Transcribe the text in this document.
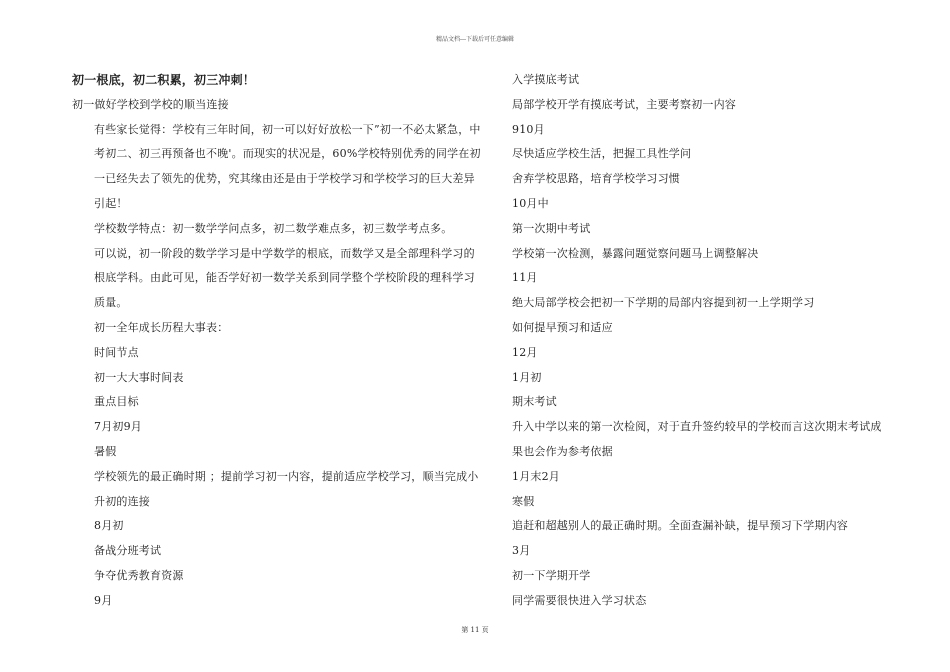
精品文档---下载后可任意编辑
初一根底，初二积累，初三冲刺！

初一做好学校到学校的顺当连接

有些家长觉得：学校有三年时间，初一可以好好放松一下”初一不必太紧急，中考初二、初三再预备也不晚'。而现实的状况是，60%学校特别优秀的同学在初一已经失去了领先的优势，究其缘由还是由于学校学习和学校学习的巨大差异引起！

学校数学特点：初一数学学问点多，初二数学难点多，初三数学考点多。

可以说，初一阶段的数学学习是中学数学的根底，而数学又是全部理科学习的根底学科。由此可见，能否学好初一数学关系到同学整个学校阶段的理科学习质量。

初一全年成长历程大事表：

时间节点

初一大大事时间表

重点目标

7月初9月

暑假

学校领先的最正确时期 ；提前学习初一内容，提前适应学校学习，顺当完成小升初的连接

8月初

备战分班考试

争夺优秀教育资源

9月

入学摸底考试

局部学校开学有摸底考试，主要考察初一内容

910月

尽快适应学校生活，把握工具性学问

舍弃学校思路，培育学校学习习惯

10月中

第一次期中考试

学校第一次检测，暴露问题觉察问题马上调整解决

11月

绝大局部学校会把初一下学期的局部内容提到初一上学期学习

如何提早预习和适应

12月

1月初

期末考试

升入中学以来的第一次检阅，对于直升签约较早的学校而言这次期末考试成果也会作为参考依据

1月末2月

寒假

追赶和超越别人的最正确时期。全面查漏补缺，提早预习下学期内容

3月

初一下学期开学

同学需要很快进入学习状态

第 11 页
